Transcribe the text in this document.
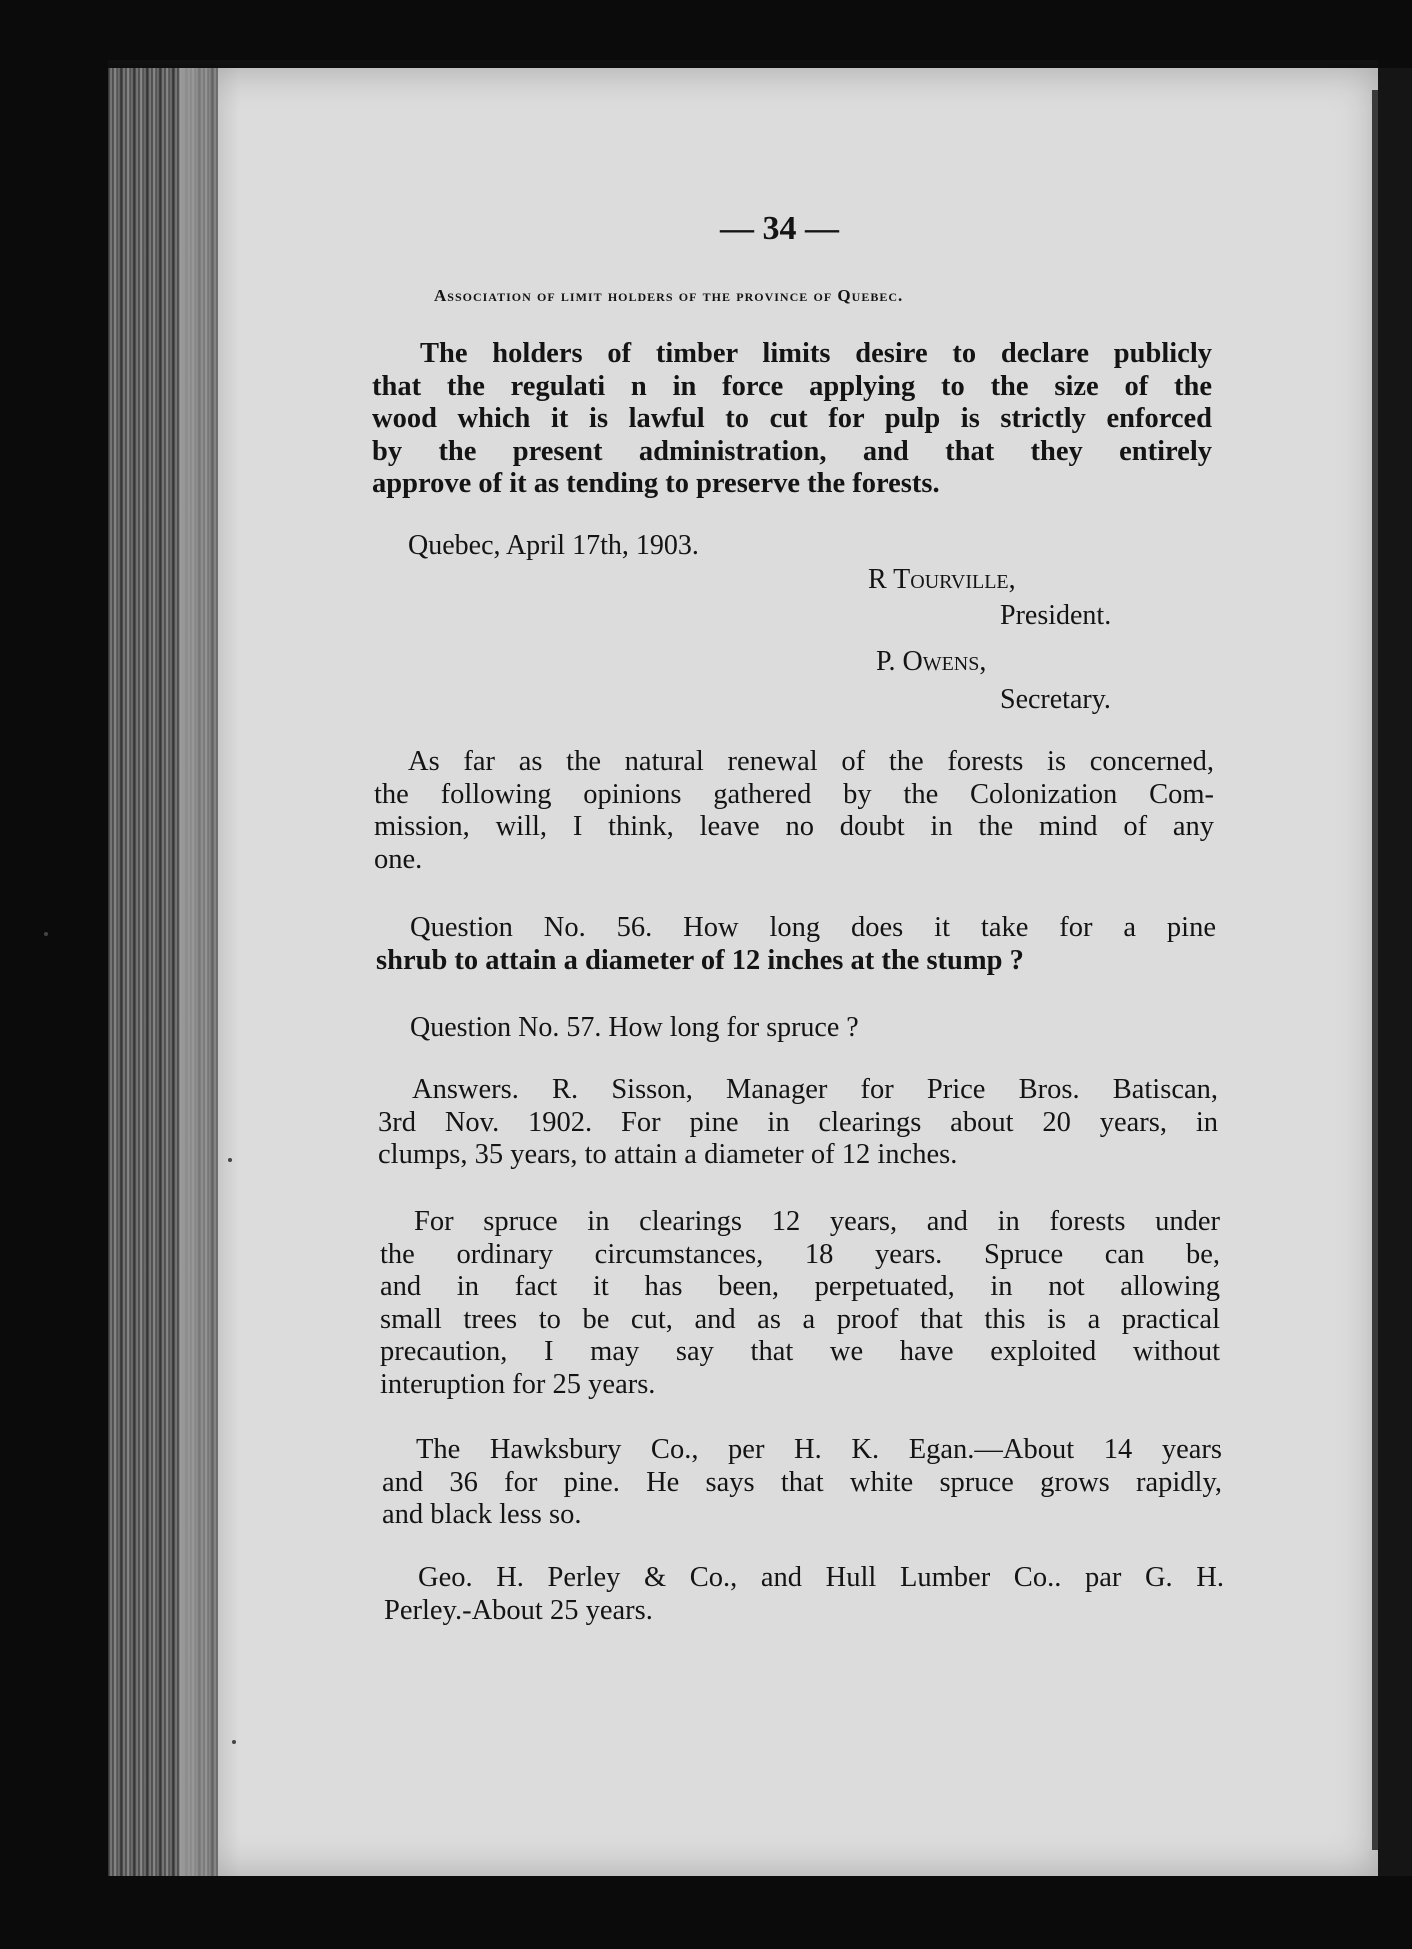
— 34 —
Association of limit holders of the province of Quebec.
The holders of timber limits desire to declare publicly
that the regulati n in force applying to the size of the
wood which it is lawful to cut for pulp is strictly enforced
by the present administration, and that they entirely
approve of it as tending to preserve the forests.
Quebec, April 17th, 1903.
R Tourville,
President.
P. Owens,
Secretary.
As far as the natural renewal of the forests is concerned,
the following opinions gathered by the Colonization Com-
mission, will, I think, leave no doubt in the mind of any
one.
Question No. 56. How long does it take for a pine
shrub to attain a diameter of 12 inches at the stump ?
Question No. 57. How long for spruce ?
Answers. R. Sisson, Manager for Price Bros. Batiscan,
3rd Nov. 1902. For pine in clearings about 20 years, in
clumps, 35 years, to attain a diameter of 12 inches.
For spruce in clearings 12 years, and in forests under
the ordinary circumstances, 18 years. Spruce can be,
and in fact it has been, perpetuated, in not allowing
small trees to be cut, and as a proof that this is a practical
precaution, I may say that we have exploited without
interuption for 25 years.
The Hawksbury Co., per H. K. Egan.—About 14 years
and 36 for pine. He says that white spruce grows rapidly,
and black less so.
Geo. H. Perley & Co., and Hull Lumber Co.. par G. H.
Perley.-About 25 years.
